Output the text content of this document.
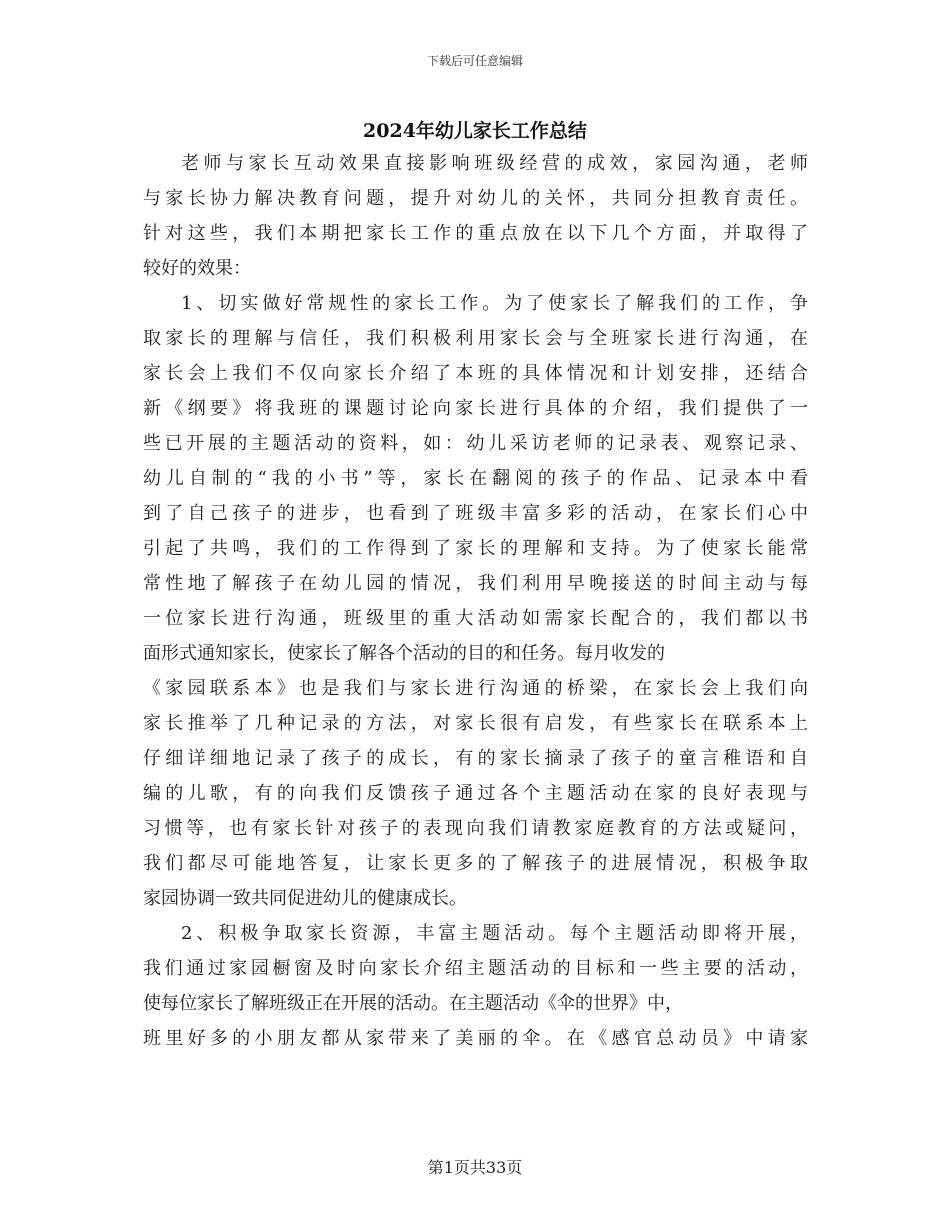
下载后可任意编辑
2024年幼儿家长工作总结
老师与家长互动效果直接影响班级经营的成效，家园沟通，老师
与家长协力解决教育问题，提升对幼儿的关怀，共同分担教育责任。
针对这些，我们本期把家长工作的重点放在以下几个方面，并取得了
较好的效果：
1、切实做好常规性的家长工作。为了使家长了解我们的工作，争
取家长的理解与信任，我们积极利用家长会与全班家长进行沟通，在
家长会上我们不仅向家长介绍了本班的具体情况和计划安排，还结合
新《纲要》将我班的课题讨论向家长进行具体的介绍，我们提供了一
些已开展的主题活动的资料，如：幼儿采访老师的记录表、观察记录、
幼儿自制的“我的小书”等，家长在翻阅的孩子的作品、记录本中看
到了自己孩子的进步，也看到了班级丰富多彩的活动，在家长们心中
引起了共鸣，我们的工作得到了家长的理解和支持。为了使家长能常
常性地了解孩子在幼儿园的情况，我们利用早晚接送的时间主动与每
一位家长进行沟通，班级里的重大活动如需家长配合的，我们都以书
面形式通知家长，使家长了解各个活动的目的和任务。每月收发的
《家园联系本》也是我们与家长进行沟通的桥梁，在家长会上我们向
家长推举了几种记录的方法，对家长很有启发，有些家长在联系本上
仔细详细地记录了孩子的成长，有的家长摘录了孩子的童言稚语和自
编的儿歌，有的向我们反馈孩子通过各个主题活动在家的良好表现与
习惯等，也有家长针对孩子的表现向我们请教家庭教育的方法或疑问，
我们都尽可能地答复，让家长更多的了解孩子的进展情况，积极争取
家园协调一致共同促进幼儿的健康成长。
2、积极争取家长资源，丰富主题活动。每个主题活动即将开展，
我们通过家园橱窗及时向家长介绍主题活动的目标和一些主要的活动，
使每位家长了解班级正在开展的活动。在主题活动《伞的世界》中，
班里好多的小朋友都从家带来了美丽的伞。在《感官总动员》中请家
第1页共33页
